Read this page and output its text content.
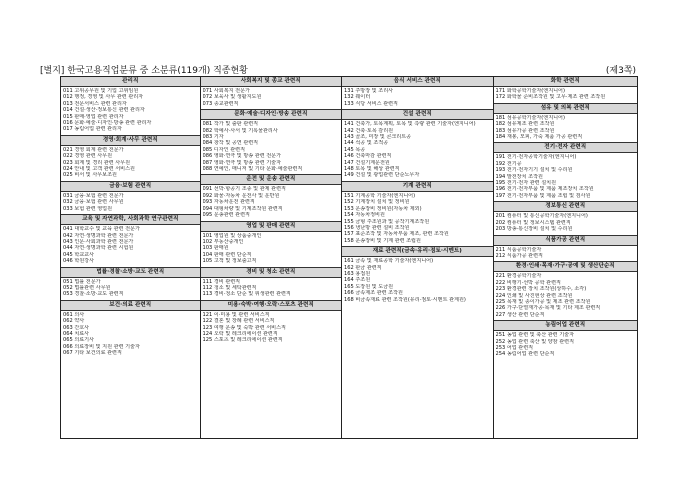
[별지] 한국고용직업분류 중 소분류(119개) 직종현황	(제3쪽)
관리직
011 고위공무원 및 기업 고위임원
012 행정, 경영 및 사무 관련 관리자
013 전문서비스 관련 관리자
014 건설·생산·정보통신 관련 관리자
015 판매·영업 관련 관리자
016 문화·예술·디자인·방송 관련 관리자
017 농림어업 관련 관리자
경영·회계·사무 관련직
021 경영 회계 관련 전문가
022 경영 관련 사무원
023 회계 및 경리 관련 사무원
024 안내 및 고객 관련 서비스원
025 비서 및 사무보조원
금융·보험 관련직
031 금융·보험 관련 전문가
032 금융·보험 관련 사무원
033 보험 관련 영업원
교육 및 자연과학, 사회과학 연구관련직
041 대학교수 및 교육 관련 전문가
042 자연·생명과학 관련 전문가
043 인문·사회과학 관련 전문가
044 자연·생명과학 관련 시험원
045 학교교사
046 학원강사
법률·경찰·소방·교도 관련직
051 법률 전문가
052 법률관련 사무원
053 경찰·소방·교도 관련직
보건·의료 관련직
061 의사
062 약사
063 간호사
064 치료사
065 의료기사
066 의료장비 및 지원 관련 기술자
067 기타 보건의료 관련직
사회복지 및 종교 관련직
071 사회복지 전문가
072 보육사 및 생활지도원
073 종교관련직
문화·예술·디자인·방송 관련직
081 작가 및 출판 관련직
082 학예사·사서 및 기록물관리사
083 기자
084 창작 및 공연 관련직
085 디자인 관련직
086 영화·연극 및 방송 관련 전문가
087 영화·연극 및 방송 관련 기술자
088 연예인, 매니저 및 기타 문화·예술관련직
운전 및 운송 관련직
091 선박·항공기 조종 및 관제 관련직
092 화물·자동차 운전사 및 운반원
093 자동차운전 관련직
094 대형차량 및 기계조작원 관련직
095 운송관련 관련직
영업 및 판매 관련직
101 영업원 및 상품중개인
102 부동산중개인
103 판매원
104 판매 관련 단순직
105 고객 및 정보출고직
경비 및 청소 관련직
111 경비 관련직
112 청소 및 세탁관련직
113 경비·청소 단순 및 위생관련 관련직
미용·숙박·여행·오락·스포츠 관련직
121 이·미용 및 관련 서비스직
122 결혼 및 장례 관련 서비스직
123 여행 운송 및 숙박 관련 서비스직
124 오락 및 레크리에이션 관련직
125 스포츠 및 레크리에이션 관련직
음식 서비스 관련직
131 주방장 및 조리사
132 웨이터
133 식당 서비스 관련직
건설 관련직
141 건축가, 토목계획, 토목 및 측량 관련 기술자(엔지니어)
142 건축·토목 감리원
143 골조, 미장 및 콘크리트공
144 석공 및 조적공
145 목공
146 건축마감 관련직
147 건설기계운전원
148 토목 및 해상 관련직
149 건설 및 광업관련 단순노무자
기계 관련직
151 기계공학 기술자(엔지니어)
152 기계장치 설치 및 정비원
153 운송장비 정비원(자동차 제외)
154 자동차정비원
155 금형 주조원과 및 공작기계조작원
156 냉난방 관련 설비 조작원
157 표준조작 및 자동차부품 제조, 관련 조작원
158 운송장비 및 기계 관련 조립원
재료 관련직(금속·유리·점토·시멘트)
161 금속 및 재료공학 기술자(엔지니어)
162 판금 관련직
163 용접원
164 주조원
165 도장원 및 도금원
166 금속제조 관련 조작원
168 비금속재료 관련 조작원(유리·점토·시멘트 관계원)
화학 관련직
171 화학공학기술자(엔지니어)
172 화학물 준비조작원 및 고무·제조 관련 조작원
섬유 및 의복 관련직
181 섬유공학기술자(엔지니어)
182 섬유제조 관련 조작원
183 섬유가공 관련 조작원
184 재봉, 모피, 가죽 제품 가공 관련직
전기·전자 관련직
191 전기·전자공학기술자(엔지니어)
192 전기공
193 전기·전자기기 설치 및 수리원
194 발전장치 조작원
195 전기·전자 관련 설치원
196 전기·전자부품 및 제품 제조장치 조작원
197 전기·전자부품 및 제품 조립 및 검사원
정보통신 관련직
201 컴퓨터 및 통신공학기술자(엔지니어)
202 컴퓨터 및 정보시스템 관련직
203 방송·통신장비 설치 및 수리원
식품가공 관련직
211 식품공학기술자
212 식품가공 관련직
환경·인쇄·목재·가구·공예 및 생산단순직
221 환경공학기술자
222 비행기·선박 공학 관련직
223 환경관련 장치 조작원(상하수, 소각)
224 인쇄 및 사진현상 관련 조작원
225 목재 및 종이가공 및 제조 관련 조작원
226 가구·단열재가공·목재 및 기타 제조 관련직
227 생산 관련 단순직
농림어업 관련직
251 농업 관련 및 축산 관련 기술자
252 농업 관련 축산 및 양잠 관련직
253 어업 관련직
254 농림어업 관련 단순직
